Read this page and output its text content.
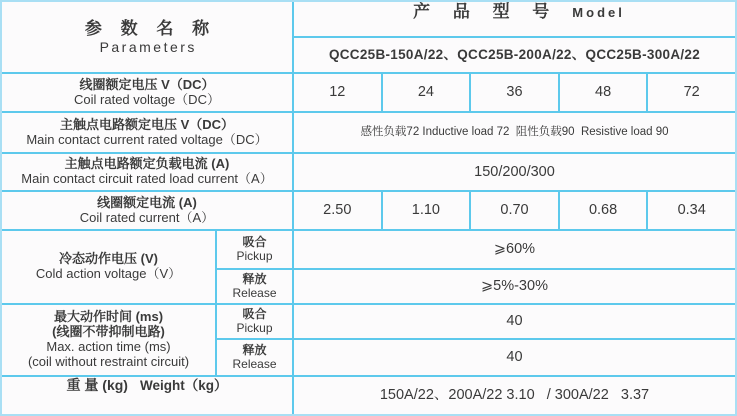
参 数 名 称
Parameters
产 品 型 号 Model
QCC25B-150A/22、QCC25B-200A/22、QCC25B-300A/22
线圈额定电压 V（DC）
Coil rated voltage（DC）	12	24	36	48	72
主触点电路额定电压 V（DC）
Main contact current rated voltage（DC）	感性负载72 Inductive load 72  阻性负载90  Resistive load 90
主触点电路额定负载电流 (A)
Main contact circuit rated load current（A）	150/200/300
线圈额定电流 (A)
Coil rated current（A）	2.50	1.10	0.70	0.68	0.34
冷态动作电压 (V)
Cold action voltage（V）
吸合
Pickup	⩾60%
释放
Release	⩾5%-30%
最大动作时间 (ms)
(线圈不带抑制电路)
Max. action time (ms)
(coil without restraint circuit)
吸合
Pickup	40
释放
Release	40
重 量 (kg) Weight（kg）
150A/22、200A/22 3.10   / 300A/22   3.37
